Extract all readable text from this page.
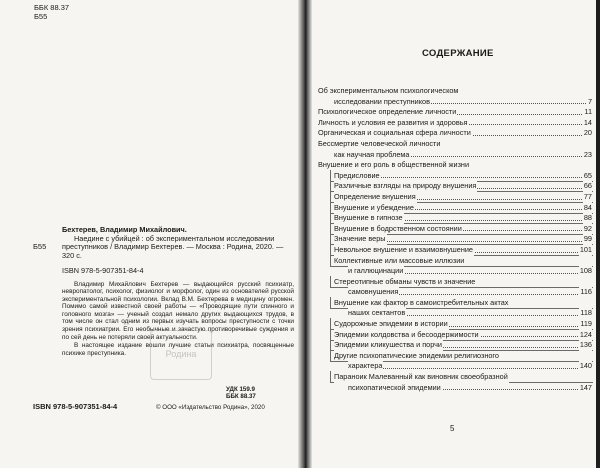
ББК 88.37
Б55
Б55

Бехтерев, Владимир Михайлович.

Наедине с убийцей : об экспериментальном исследовании преступников / Владимир Бехтерев. — Москва : Родина, 2020. — 320 с.

ISBN 978-5-907351-84-4

Владимир Михайлович Бехтерев — выдающийся русский психиатр, невропатолог, психолог, физиолог и морфолог, один из основателей русской экспериментальной психологии. Вклад В.М. Бехтерева в медицину огромен. Помимо самой известной своей работы — «Проводящие пути спинного и головного мозга» — ученый создал немало других выдающихся трудов, в том числе он стал одним из первых изучать вопросы преступности с точки зрения психиатрии. Его необычные и зачастую противоречивые суждения и по сей день не потеряли своей актуальности.

В настоящее издание вошли лучшие статьи психиатра, посвященные психике преступника.	Родина
УДК 159.9
ББК 88.37
ISBN 978-5-907351-84-4	© ООО «Издательство Родина», 2020
СОДЕРЖАНИЕ
Об экспериментальном психологическом
исследовании преступников	7
Психологическое определение личности	11
Личность и условия ее развития и здоровья	14
Органическая и социальная сфера личности	20
Бессмертие человеческой личности
как научная проблема	23
Внушение и его роль в общественной жизни
Предисловие	65
Различные взгляды на природу внушения	66
Определение внушения	77
Внушение и убеждение	84
Внушение в гипнозе	88
Внушение в бодрственном состоянии	92
Значение веры	99
Невольное внушение и взаимовнушение	101
Коллективные или массовые иллюзии
и галлюцинации	108
Стереотипные обманы чувств и значение
самовнушения	116
Внушение как фактор в самоистребительных актах
наших сектантов	118
Судорожные эпидемии в истории	119
Эпидемии колдовства и бесоодержимости	124
Эпидемии кликушества и порчи	136
Другие психопатические эпидемии религиозного
характера	140
Параноик Малеванный как виновник своеобразной
психопатической эпидемии	147
5
